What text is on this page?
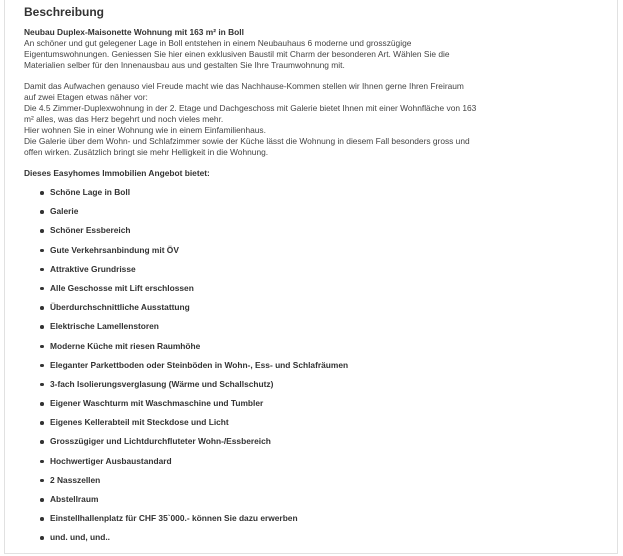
Beschreibung

Neubau Duplex-Maisonette Wohnung mit 163 m² in Boll
An schöner und gut gelegener Lage in Boll entstehen in einem Neubauhaus 6 moderne und grosszügige
Eigentumswohnungen. Geniessen Sie hier einen exklusiven Baustil mit Charm der besonderen Art. Wählen Sie die
Materialien selber für den Innenausbau aus und gestalten Sie Ihre Traumwohnung mit.

Damit das Aufwachen genauso viel Freude macht wie das Nachhause-Kommen stellen wir Ihnen gerne Ihren Freiraum
auf zwei Etagen etwas näher vor:
Die 4.5 Zimmer-Duplexwohnung in der 2. Etage und Dachgeschoss mit Galerie bietet Ihnen mit einer Wohnfläche von 163
m² alles, was das Herz begehrt und noch vieles mehr.
Hier wohnen Sie in einer Wohnung wie in einem Einfamilienhaus.
Die Galerie über dem Wohn- und Schlafzimmer sowie der Küche lässt die Wohnung in diesem Fall besonders gross und
offen wirken. Zusätzlich bringt sie mehr Helligkeit in die Wohnung.

Dieses Easyhomes Immobilien Angebot bietet:
Schöne Lage in Boll
Galerie
Schöner Essbereich
Gute Verkehrsanbindung mit ÖV
Attraktive Grundrisse
Alle Geschosse mit Lift erschlossen
Überdurchschnittliche Ausstattung
Elektrische Lamellenstoren
Moderne Küche mit riesen Raumhöhe
Eleganter Parkettboden oder Steinböden in Wohn-, Ess- und Schlafräumen
3-fach Isolierungsverglasung (Wärme und Schallschutz)
Eigener Waschturm mit Waschmaschine und Tumbler
Eigenes Kellerabteil mit Steckdose und Licht
Grosszügiger und Lichtdurchfluteter Wohn-/Essbereich
Hochwertiger Ausbaustandard
2 Nasszellen
Abstellraum
Einstellhallenplatz für CHF 35`000.- können Sie dazu erwerben
und. und, und..
